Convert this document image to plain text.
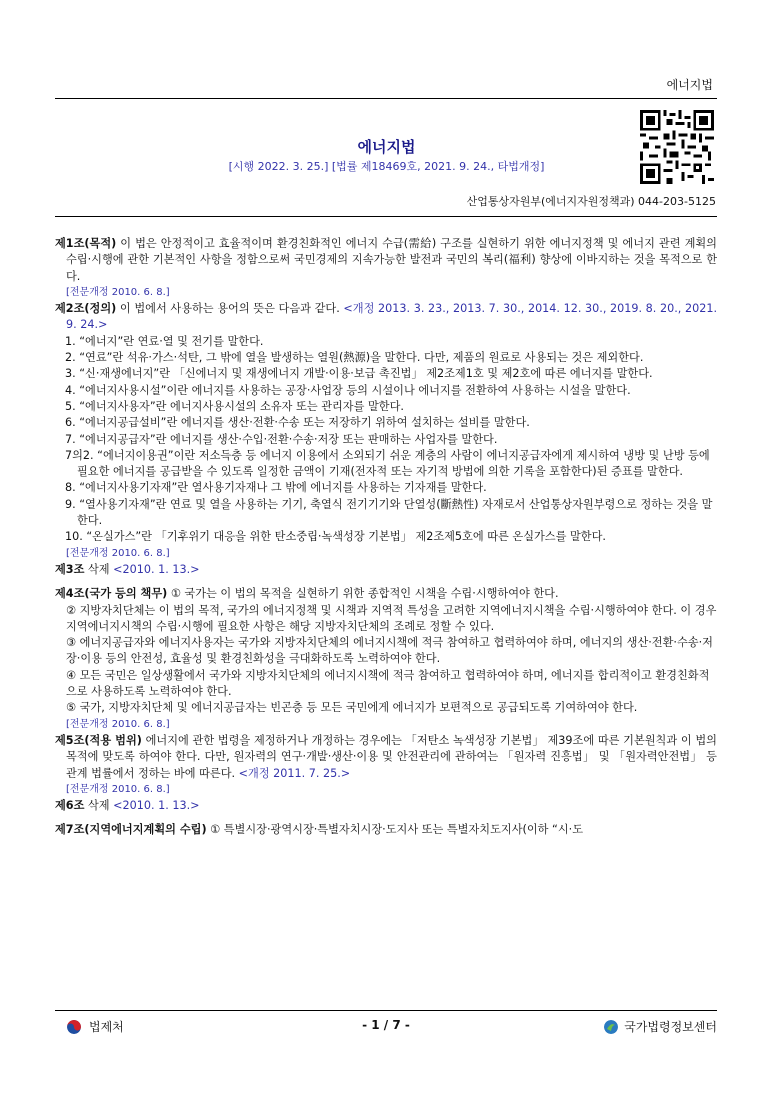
에너지법
에너지법
[시행 2022. 3. 25.] [법률 제18469호, 2021. 9. 24., 타법개정]
산업통상자원부(에너지자원정책과) 044-203-5125

제1조(목적) 이 법은 안정적이고 효율적이며 환경친화적인 에너지 수급(需給) 구조를 실현하기 위한 에너지정책 및 에너지 관련 계획의 수립·시행에 관한 기본적인 사항을 정함으로써 국민경제의 지속가능한 발전과 국민의 복리(福利) 향상에 이바지하는 것을 목적으로 한다.

[전문개정 2010. 6. 8.]

제2조(정의) 이 법에서 사용하는 용어의 뜻은 다음과 같다. <개정 2013. 3. 23., 2013. 7. 30., 2014. 12. 30., 2019. 8. 20., 2021. 9. 24.>

1. “에너지”란 연료·열 및 전기를 말한다.
2. “연료”란 석유·가스·석탄, 그 밖에 열을 발생하는 열원(熱源)을 말한다. 다만, 제품의 원료로 사용되는 것은 제외한다.
3. “신·재생에너지”란 「신에너지 및 재생에너지 개발·이용·보급 촉진법」 제2조제1호 및 제2호에 따른 에너지를 말한다.
4. “에너지사용시설”이란 에너지를 사용하는 공장·사업장 등의 시설이나 에너지를 전환하여 사용하는 시설을 말한다.
5. “에너지사용자”란 에너지사용시설의 소유자 또는 관리자를 말한다.
6. “에너지공급설비”란 에너지를 생산·전환·수송 또는 저장하기 위하여 설치하는 설비를 말한다.
7. “에너지공급자”란 에너지를 생산·수입·전환·수송·저장 또는 판매하는 사업자를 말한다.
7의2. “에너지이용권”이란 저소득층 등 에너지 이용에서 소외되기 쉬운 계층의 사람이 에너지공급자에게 제시하여 냉방 및 난방 등에 필요한 에너지를 공급받을 수 있도록 일정한 금액이 기재(전자적 또는 자기적 방법에 의한 기록을 포함한다)된 증표를 말한다.
8. “에너지사용기자재”란 열사용기자재나 그 밖에 에너지를 사용하는 기자재를 말한다.
9. “열사용기자재”란 연료 및 열을 사용하는 기기, 축열식 전기기기와 단열성(斷熱性) 자재로서 산업통상자원부령으로 정하는 것을 말한다.
10. “온실가스”란 「기후위기 대응을 위한 탄소중립·녹색성장 기본법」 제2조제5호에 따른 온실가스를 말한다.
[전문개정 2010. 6. 8.]

제3조 삭제 <2010. 1. 13.>

제4조(국가 등의 책무) ① 국가는 이 법의 목적을 실현하기 위한 종합적인 시책을 수립·시행하여야 한다.

② 지방자치단체는 이 법의 목적, 국가의 에너지정책 및 시책과 지역적 특성을 고려한 지역에너지시책을 수립·시행하여야 한다. 이 경우 지역에너지시책의 수립·시행에 필요한 사항은 해당 지방자치단체의 조례로 정할 수 있다.
③ 에너지공급자와 에너지사용자는 국가와 지방자치단체의 에너지시책에 적극 참여하고 협력하여야 하며, 에너지의 생산·전환·수송·저장·이용 등의 안전성, 효율성 및 환경친화성을 극대화하도록 노력하여야 한다.
④ 모든 국민은 일상생활에서 국가와 지방자치단체의 에너지시책에 적극 참여하고 협력하여야 하며, 에너지를 합리적이고 환경친화적으로 사용하도록 노력하여야 한다.
⑤ 국가, 지방자치단체 및 에너지공급자는 빈곤층 등 모든 국민에게 에너지가 보편적으로 공급되도록 기여하여야 한다.
[전문개정 2010. 6. 8.]

제5조(적용 범위) 에너지에 관한 법령을 제정하거나 개정하는 경우에는 「저탄소 녹색성장 기본법」 제39조에 따른 기본원칙과 이 법의 목적에 맞도록 하여야 한다. 다만, 원자력의 연구·개발·생산·이용 및 안전관리에 관하여는 「원자력 진흥법」 및 「원자력안전법」 등 관계 법률에서 정하는 바에 따른다. <개정 2011. 7. 25.>

[전문개정 2010. 6. 8.]

제6조 삭제 <2010. 1. 13.>

제7조(지역에너지계획의 수립) ① 특별시장·광역시장·특별자치시장·도지사 또는 특별자치도지사(이하 “시·도

법제처	- 1 / 7 -	국가법령정보센터
